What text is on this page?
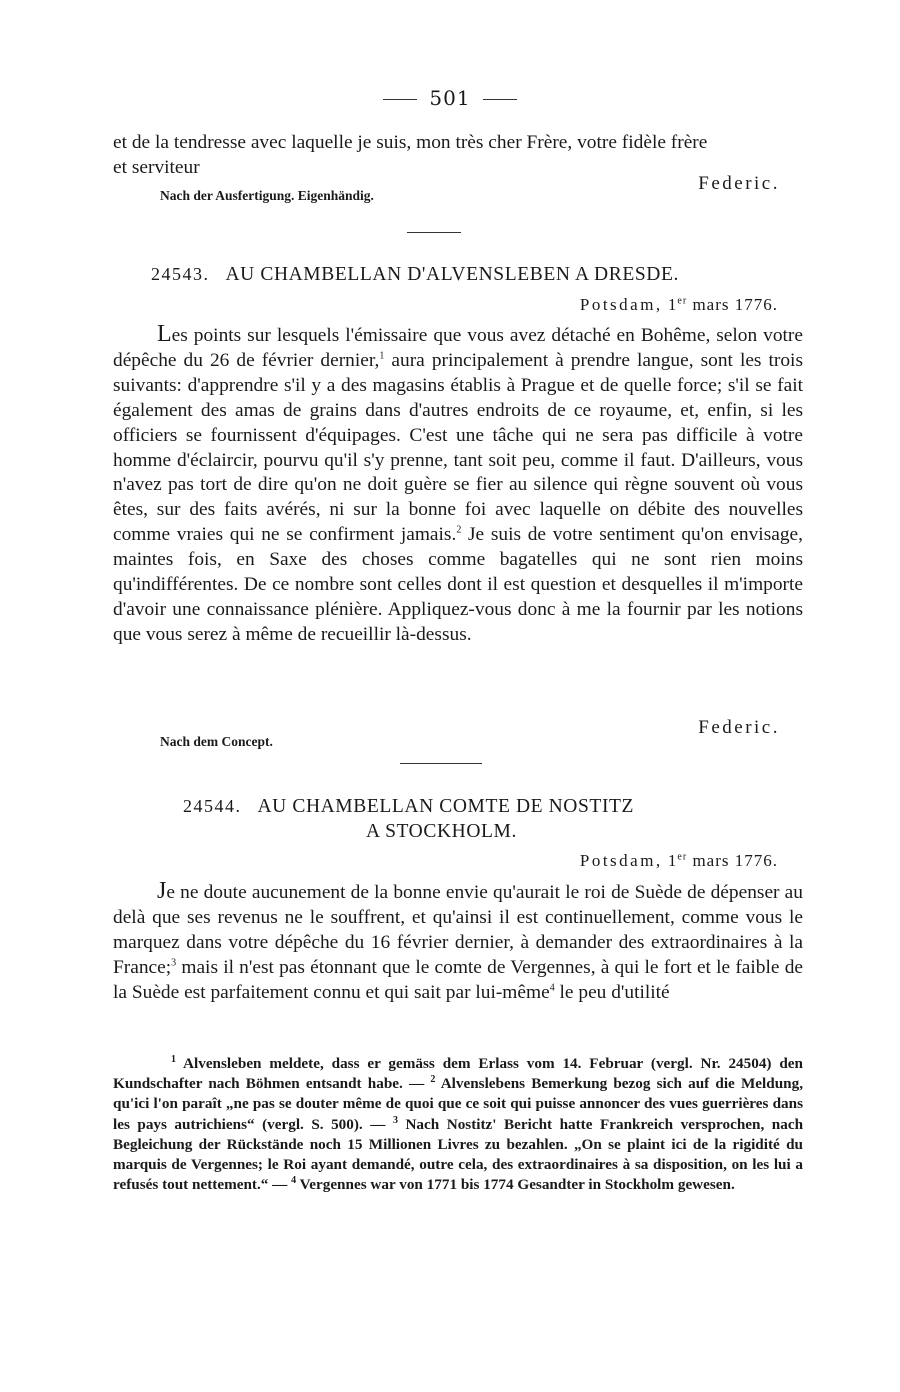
501

et de la tendresse avec laquelle je suis, mon très cher Frère, votre fidèle frère et serviteur

Federic.
Nach der Ausfertigung. Eigenhändig.
24543. AU CHAMBELLAN D'ALVENSLEBEN A DRESDE.
Potsdam, 1er mars 1776.

Les points sur lesquels l'émissaire que vous avez détaché en Bohême, selon votre dépêche du 26 de février dernier,$^1$ aura principalement à prendre langue, sont les trois suivants: d'apprendre s'il y a des magasins établis à Prague et de quelle force; s'il se fait également des amas de grains dans d'autres endroits de ce royaume, et, enfin, si les officiers se fournissent d'équipages. C'est une tâche qui ne sera pas difficile à votre homme d'éclaircir, pourvu qu'il s'y prenne, tant soit peu, comme il faut. D'ailleurs, vous n'avez pas tort de dire qu'on ne doit guère se fier au silence qui règne souvent où vous êtes, sur des faits avérés, ni sur la bonne foi avec laquelle on débite des nouvelles comme vraies qui ne se confirment jamais.$^2$ Je suis de votre sentiment qu'on envisage, maintes fois, en Saxe des choses comme bagatelles qui ne sont rien moins qu'indifférentes. De ce nombre sont celles dont il est question et desquelles il m'importe d'avoir une connaissance plénière. Appliquez-vous donc à me la fournir par les notions que vous serez à même de recueillir là-dessus.

Federic.
Nach dem Concept.
24544. AU CHAMBELLAN COMTE DE NOSTITZ
A STOCKHOLM.
Potsdam, 1er mars 1776.

Je ne doute aucunement de la bonne envie qu'aurait le roi de Suède de dépenser au delà que ses revenus ne le souffrent, et qu'ainsi il est continuellement, comme vous le marquez dans votre dépêche du 16 février dernier, à demander des extraordinaires à la France;$^3$ mais il n'est pas étonnant que le comte de Vergennes, à qui le fort et le faible de la Suède est parfaitement connu et qui sait par lui-même$^4$ le peu d'utilité

$^1$ Alvensleben meldete, dass er gemäss dem Erlass vom 14. Februar (vergl. Nr. 24504) den Kundschafter nach Böhmen entsandt habe. — $^2$ Alvenslebens Bemerkung bezog sich auf die Meldung, qu'ici l'on paraît „ne pas se douter même de quoi que ce soit qui puisse annoncer des vues guerrières dans les pays autrichiens“ (vergl. S. 500). — $^3$ Nach Nostitz' Bericht hatte Frankreich versprochen, nach Begleichung der Rückstände noch 15 Millionen Livres zu bezahlen. „On se plaint ici de la rigidité du marquis de Vergennes; le Roi ayant demandé, outre cela, des extraordinaires à sa disposition, on les lui a refusés tout nettement.“ — $^4$ Vergennes war von 1771 bis 1774 Gesandter in Stockholm gewesen.
